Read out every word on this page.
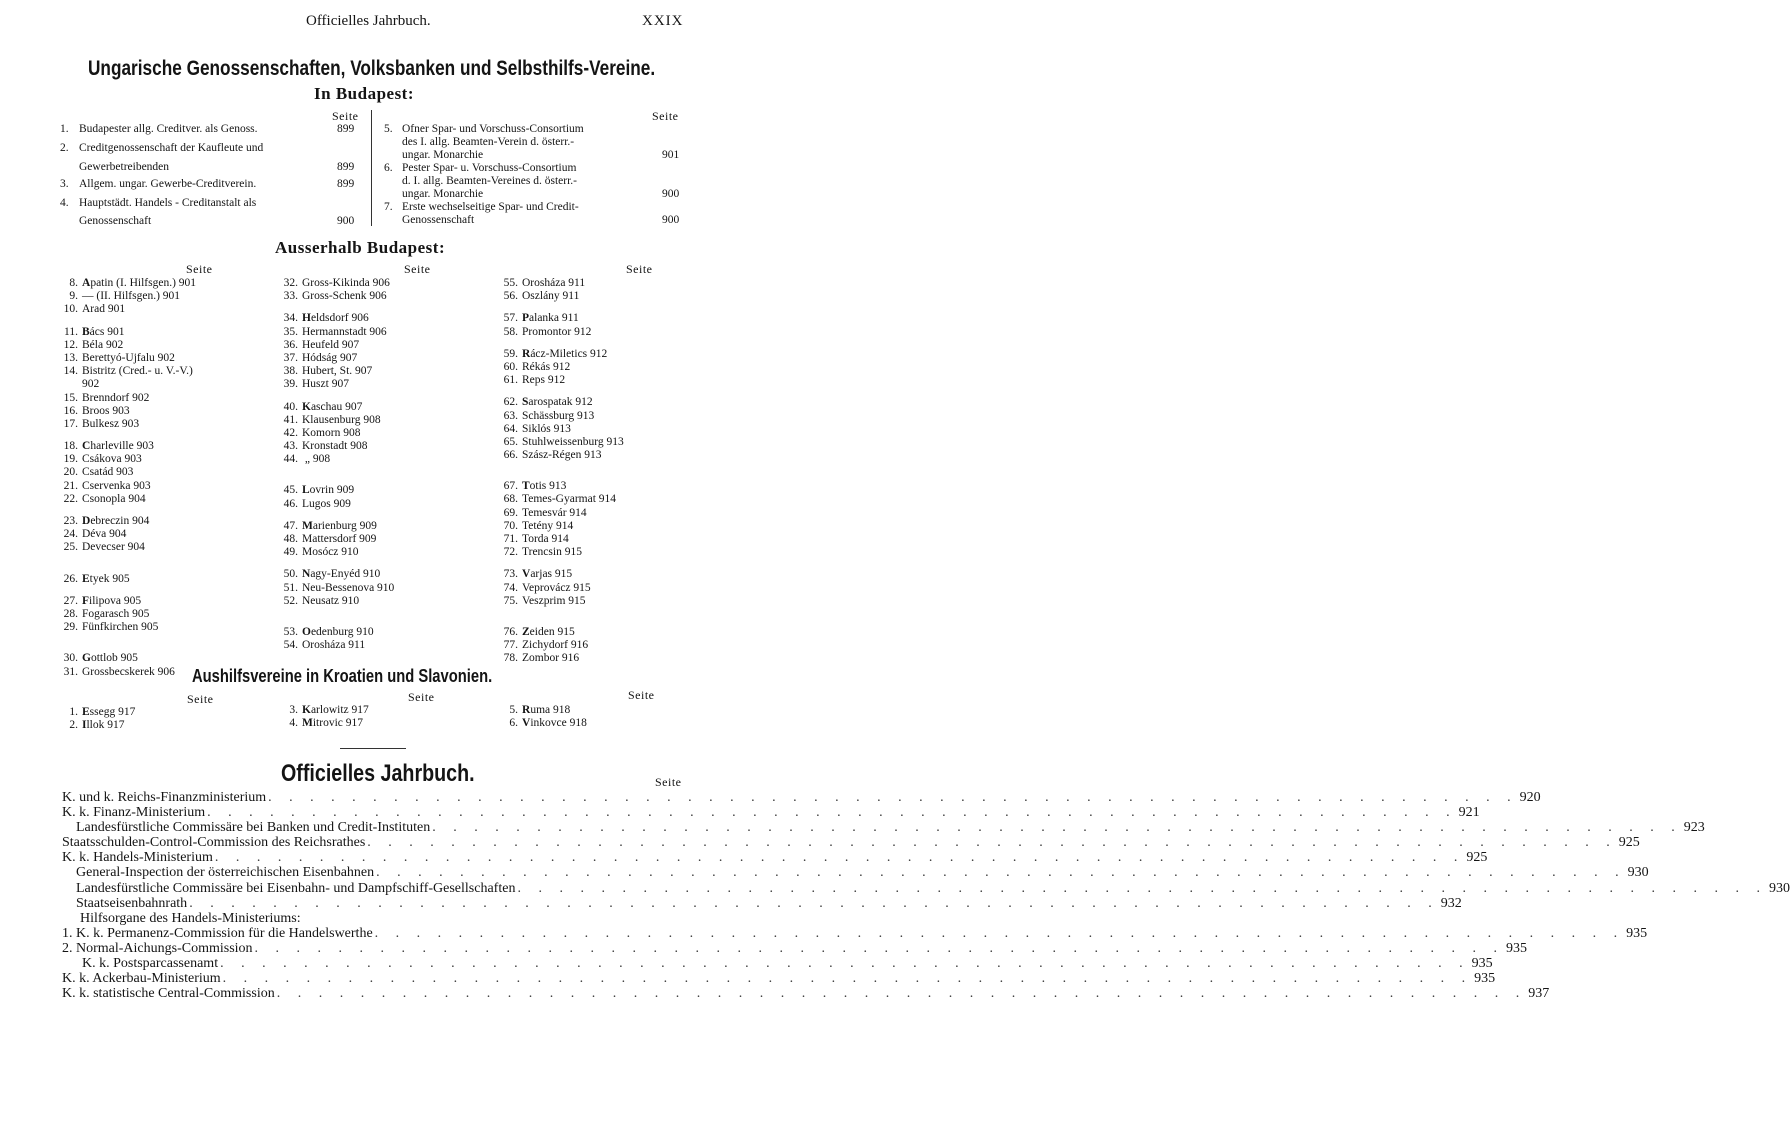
Officielles Jahrbuch.	XXIX
Ungarische Genossenschaften, Volksbanken und Selbsthilfs-Vereine.
In Budapest:
Seite	Seite
1. Budapester allg. Creditver. als Genoss.	899
2. Creditgenossenschaft der Kaufleute und
Gewerbetreibenden	899
3. Allgem. ungar. Gewerbe-Creditverein.	899
4. Hauptstädt. Handels - Creditanstalt als
Genossenschaft	900
5. Ofner Spar- und Vorschuss-Consortium
des I. allg. Beamten-Verein d. österr.-
ungar. Monarchie	901
6. Pester Spar- u. Vorschuss-Consortium
d. I. allg. Beamten-Vereines d. österr.-
ungar. Monarchie	900
7. Erste wechselseitige Spar- und Credit-
Genossenschaft	900
Ausserhalb Budapest:
Seite	Seite	Seite
8. Apatin (I. Hilfsgen.) 901
9. — (II. Hilfsgen.) 901
10. Arad 901
11. Bács 901
12. Béla 902
13. Berettyó-Ujfalu 902
14. Bistritz (Cred.- u. V.-V.)
902
15. Brenndorf 902
16. Broos 903
17. Bulkesz 903
18. Charleville 903
19. Csákova 903
20. Csatád 903
21. Cservenka 903
22. Csonopla 904
23. Debreczin 904
24. Déva 904
25. Devecser 904
26. Etyek 905
27. Filipova 905
28. Fogarasch 905
29. Fünfkirchen 905
30. Gottlob 905
31. Grossbecskerek 906
32. Gross-Kikinda 906
33. Gross-Schenk 906
34. Heldsdorf 906
35. Hermannstadt 906
36. Heufeld 907
37. Hódság 907
38. Hubert, St. 907
39. Huszt 907
40. Kaschau 907
41. Klausenburg 908
42. Komorn 908
43. Kronstadt 908
44. „ 908
45. Lovrin 909
46. Lugos 909
47. Marienburg 909
48. Mattersdorf 909
49. Mosócz 910
50. Nagy-Enyéd 910
51. Neu-Bessenova 910
52. Neusatz 910
53. Oedenburg 910
54. Orosháza 911
55. Orosháza 911
56. Oszlány 911
57. Palanka 911
58. Promontor 912
59. Rácz-Miletics 912
60. Rékás 912
61. Reps 912
62. Sarospatak 912
63. Schässburg 913
64. Siklós 913
65. Stuhlweissenburg 913
66. Szász-Régen 913
67. Totis 913
68. Temes-Gyarmat 914
69. Temesvár 914
70. Tetény 914
71. Torda 914
72. Trencsin 915
73. Varjas 915
74. Veprovácz 915
75. Veszprim 915
76. Zeiden 915
77. Zichydorf 916
78. Zombor 916
Aushilfsvereine in Kroatien und Slavonien.
Seite	Seite	Seite
1. Essegg 917
2. Illok 917
3. Karlowitz 917
4. Mitrovic 917
5. Ruma 918
6. Vinkovce 918
Officielles Jahrbuch.	Seite
K. und k. Reichs-Finanzministerium . . . . . . . . . . . . . . . . . . . . . . . . . . . . . . . . . . . . . . . . . . . . . . . . . . . . . . . . . . . . 920
K. k. Finanz-Ministerium . . . . . . . . . . . . . . . . . . . . . . . . . . . . . . . . . . . . . . . . . . . . . . . . . . . . . . . . . . . . 921
Landesfürstliche Commissäre bei Banken und Credit-Instituten . . . . . . . . . . . . . . . . . . . . . . . . . . . . . . . . . . . . . . . . . . . . . . . . . . . . . . . . . . . . 923
Staatsschulden-Control-Commission des Reichsrathes . . . . . . . . . . . . . . . . . . . . . . . . . . . . . . . . . . . . . . . . . . . . . . . . . . . . . . . . . . . . 925
K. k. Handels-Ministerium . . . . . . . . . . . . . . . . . . . . . . . . . . . . . . . . . . . . . . . . . . . . . . . . . . . . . . . . . . . . 925
General-Inspection der österreichischen Eisenbahnen . . . . . . . . . . . . . . . . . . . . . . . . . . . . . . . . . . . . . . . . . . . . . . . . . . . . . . . . . . . . 930
Landesfürstliche Commissäre bei Eisenbahn- und Dampfschiff-Gesellschaften . . . . . . . . . . . . . . . . . . . . . . . . . . . . . . . . . . . . . . . . . . . . . . . . . . . . . . . . . . . . 930
Staatseisenbahnrath . . . . . . . . . . . . . . . . . . . . . . . . . . . . . . . . . . . . . . . . . . . . . . . . . . . . . . . . . . . . 932
Hilfsorgane des Handels-Ministeriums:
1. K. k. Permanenz-Commission für die Handelswerthe . . . . . . . . . . . . . . . . . . . . . . . . . . . . . . . . . . . . . . . . . . . . . . . . . . . . . . . . . . . . 935
2. Normal-Aichungs-Commission . . . . . . . . . . . . . . . . . . . . . . . . . . . . . . . . . . . . . . . . . . . . . . . . . . . . . . . . . . . . 935
K. k. Postsparcassenamt . . . . . . . . . . . . . . . . . . . . . . . . . . . . . . . . . . . . . . . . . . . . . . . . . . . . . . . . . . . . 935
K. k. Ackerbau-Ministerium . . . . . . . . . . . . . . . . . . . . . . . . . . . . . . . . . . . . . . . . . . . . . . . . . . . . . . . . . . . . 935
K. k. statistische Central-Commission . . . . . . . . . . . . . . . . . . . . . . . . . . . . . . . . . . . . . . . . . . . . . . . . . . . . . . . . . . . . 937
